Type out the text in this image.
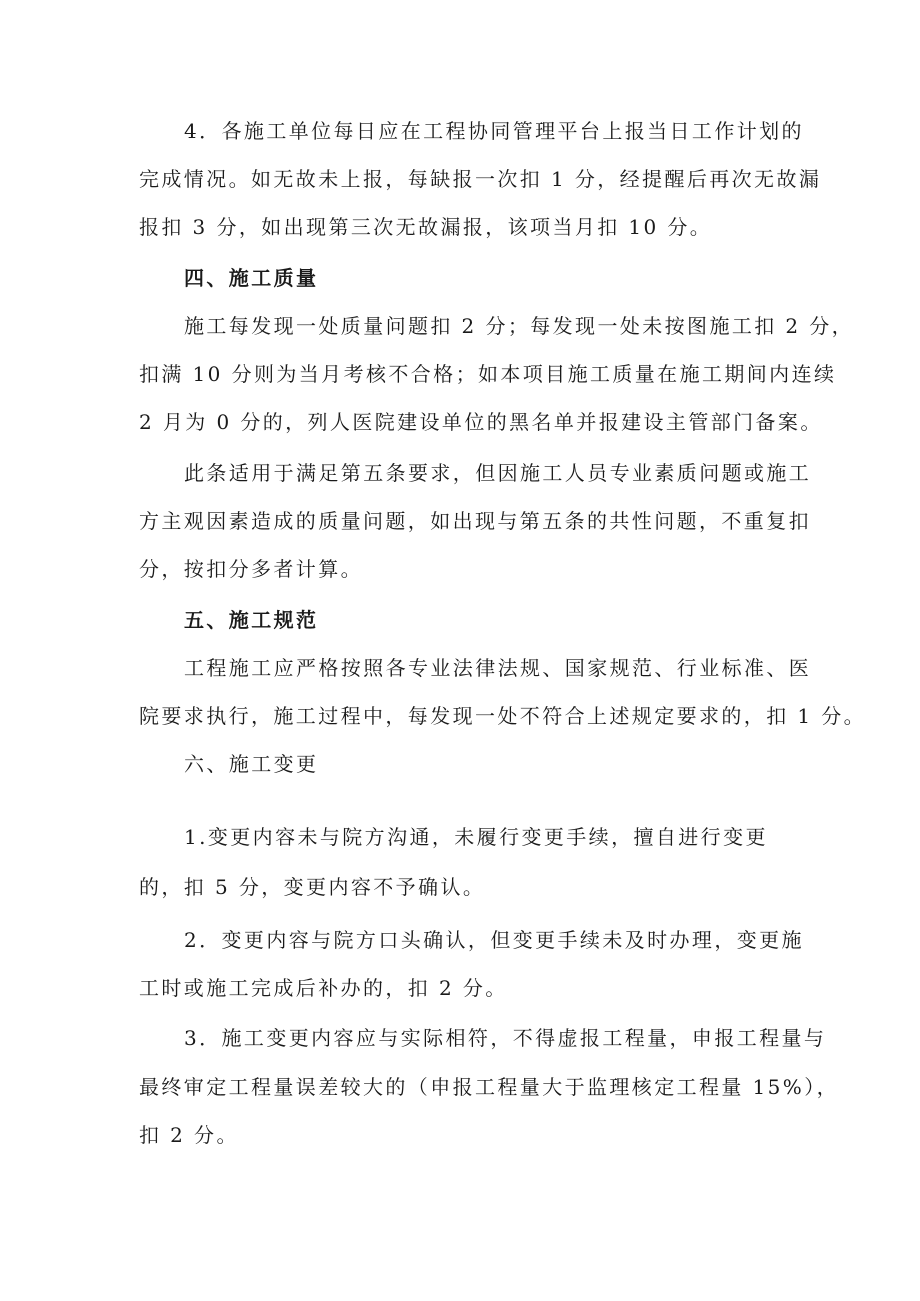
4．各施工单位每日应在工程协同管理平台上报当日工作计划的
完成情况。如无故未上报，每缺报一次扣 1 分，经提醒后再次无故漏
报扣 3 分，如出现第三次无故漏报，该项当月扣 10 分。
四、施工质量
施工每发现一处质量问题扣 2 分；每发现一处未按图施工扣 2 分，
扣满 10 分则为当月考核不合格；如本项目施工质量在施工期间内连续
2 月为 0 分的，列人医院建设单位的黑名单并报建设主管部门备案。
此条适用于满足第五条要求，但因施工人员专业素质问题或施工
方主观因素造成的质量问题，如出现与第五条的共性问题，不重复扣
分，按扣分多者计算。
五、施工规范
工程施工应严格按照各专业法律法规、国家规范、行业标准、医
院要求执行，施工过程中，每发现一处不符合上述规定要求的，扣 1 分。
六、施工变更
1.变更内容未与院方沟通，未履行变更手续，擅自进行变更
的，扣 5 分，变更内容不予确认。
2．变更内容与院方口头确认，但变更手续未及时办理，变更施
工时或施工完成后补办的，扣 2 分。
3．施工变更内容应与实际相符，不得虚报工程量，申报工程量与
最终审定工程量误差较大的（申报工程量大于监理核定工程量 15%），
扣 2 分。
